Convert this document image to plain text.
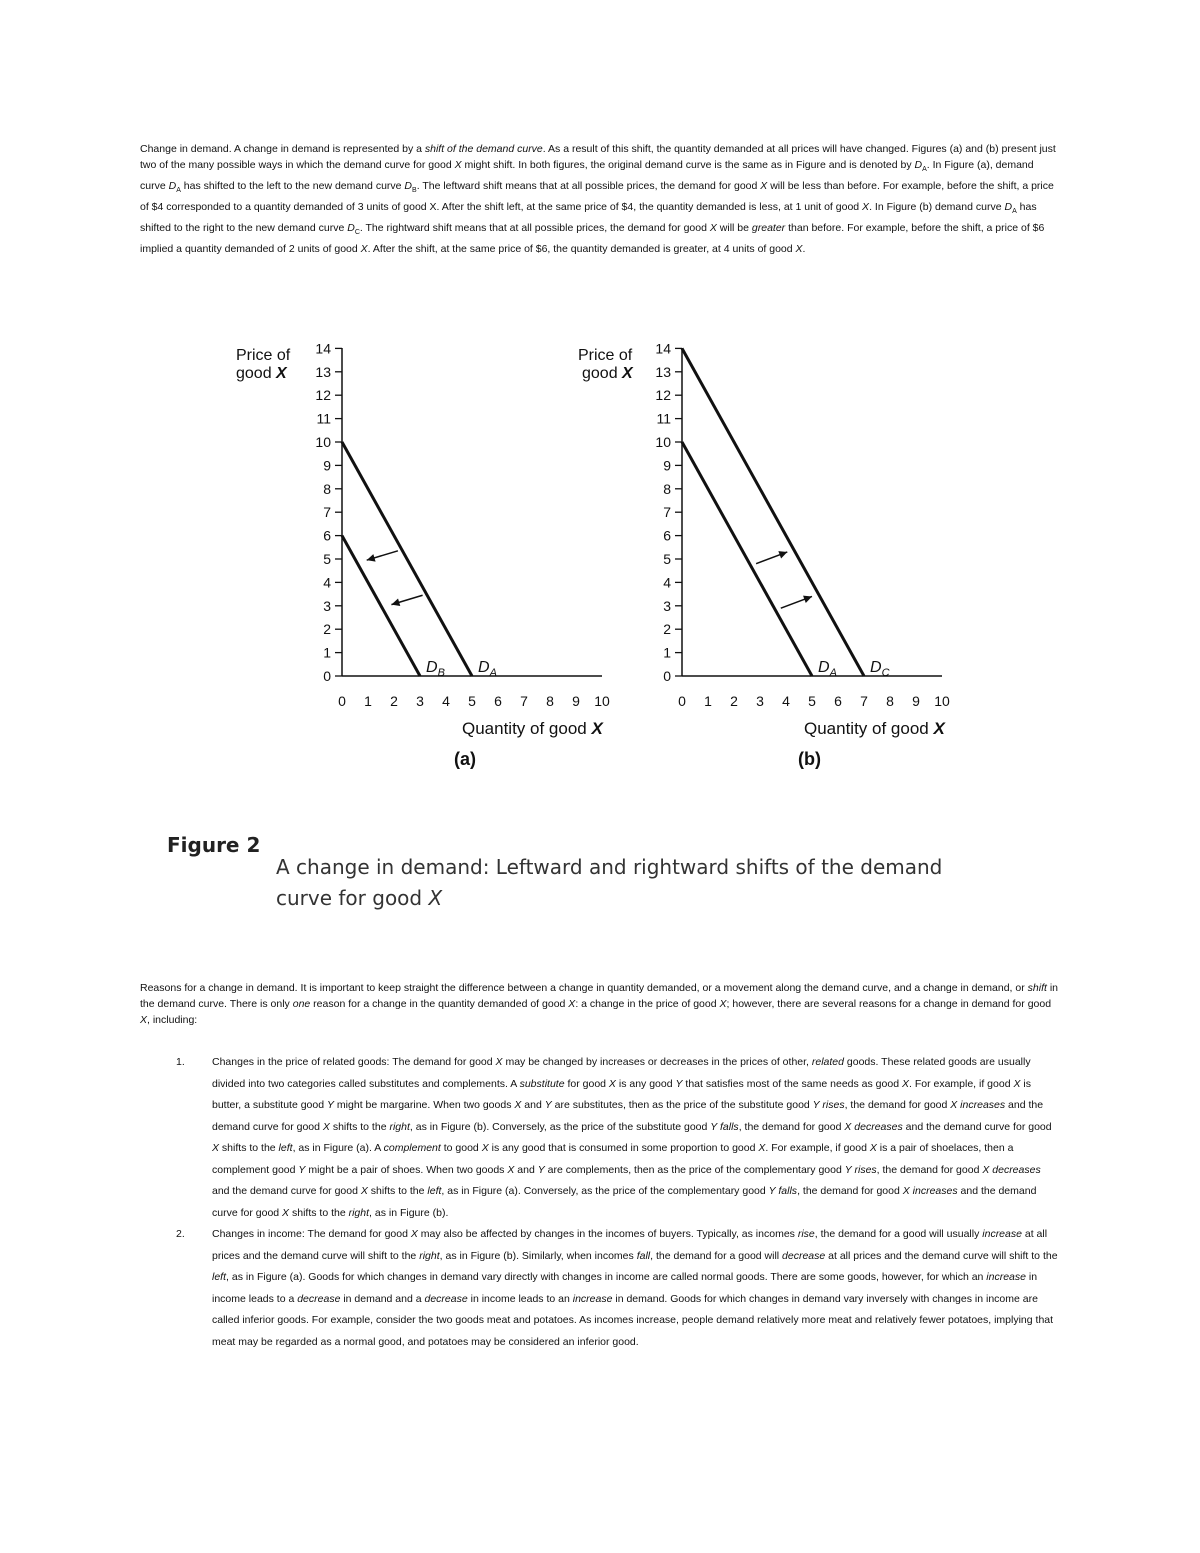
Change in demand. A change in demand is represented by a shift of the demand curve. As a result of this shift, the quantity demanded at all prices will have changed. Figures (a) and (b) present just two of the many possible ways in which the demand curve for good X might shift. In both figures, the original demand curve is the same as in Figure and is denoted by $D_A$. In Figure (a), demand curve $D_A$ has shifted to the left to the new demand curve $D_B$. The leftward shift means that at all possible prices, the demand for good X will be less than before. For example, before the shift, a price of $4 corresponded to a quantity demanded of 3 units of good X. After the shift left, at the same price of $4, the quantity demanded is less, at 1 unit of good X. In Figure (b) demand curve $D_A$ has shifted to the right to the new demand curve $D_C$. The rightward shift means that at all possible prices, the demand for good X will be greater than before. For example, before the shift, a price of $6 implied a quantity demanded of 2 units of good X. After the shift, at the same price of $6, the quantity demanded is greater, at 4 units of good X.
Price of
good X
0
1
2
3
4
5
6
7
8
9
10
11
12
13
14
0 1 2 3 4 5 6 7 8 9 10
$D_A$
$D_B$
Quantity of good X
(a)
Price of
good X
0
1
2
3
4
5
6
7
8
9
10
11
12
13
14
0 1 2 3 4 5 6 7 8 9 10
$D_A$ $D_C$
Quantity of good X
(b)
Figure 2
A change in demand: Leftward and rightward shifts of the demand
curve for good X
Reasons for a change in demand. It is important to keep straight the difference between a change in quantity demanded, or a movement along the demand curve, and a change in demand, or shift in the demand curve. There is only one reason for a change in the quantity demanded of good X: a change in the price of good X; however, there are several reasons for a change in demand for good X, including:
1.	Changes in the price of related goods: The demand for good X may be changed by increases or decreases in the prices of other, related goods. These related goods are usually divided into two categories called substitutes and complements. A substitute for good X is any good Y that satisfies most of the same needs as good X. For example, if good X is butter, a substitute good Y might be margarine. When two goods X and Y are substitutes, then as the price of the substitute good Y rises, the demand for good X increases and the demand curve for good X shifts to the right, as in Figure (b). Conversely, as the price of the substitute good Y falls, the demand for good X decreases and the demand curve for good X shifts to the left, as in Figure (a). A complement to good X is any good that is consumed in some proportion to good X. For example, if good X is a pair of shoelaces, then a complement good Y might be a pair of shoes. When two goods X and Y are complements, then as the price of the complementary good Y rises, the demand for good X decreases and the demand curve for good X shifts to the left, as in Figure (a). Conversely, as the price of the complementary good Y falls, the demand for good X increases and the demand curve for good X shifts to the right, as in Figure (b).
2.	Changes in income: The demand for good X may also be affected by changes in the incomes of buyers. Typically, as incomes rise, the demand for a good will usually increase at all prices and the demand curve will shift to the right, as in Figure (b). Similarly, when incomes fall, the demand for a good will decrease at all prices and the demand curve will shift to the left, as in Figure (a). Goods for which changes in demand vary directly with changes in income are called normal goods. There are some goods, however, for which an increase in income leads to a decrease in demand and a decrease in income leads to an increase in demand. Goods for which changes in demand vary inversely with changes in income are called inferior goods. For example, consider the two goods meat and potatoes. As incomes increase, people demand relatively more meat and relatively fewer potatoes, implying that meat may be regarded as a normal good, and potatoes may be considered an inferior good.
